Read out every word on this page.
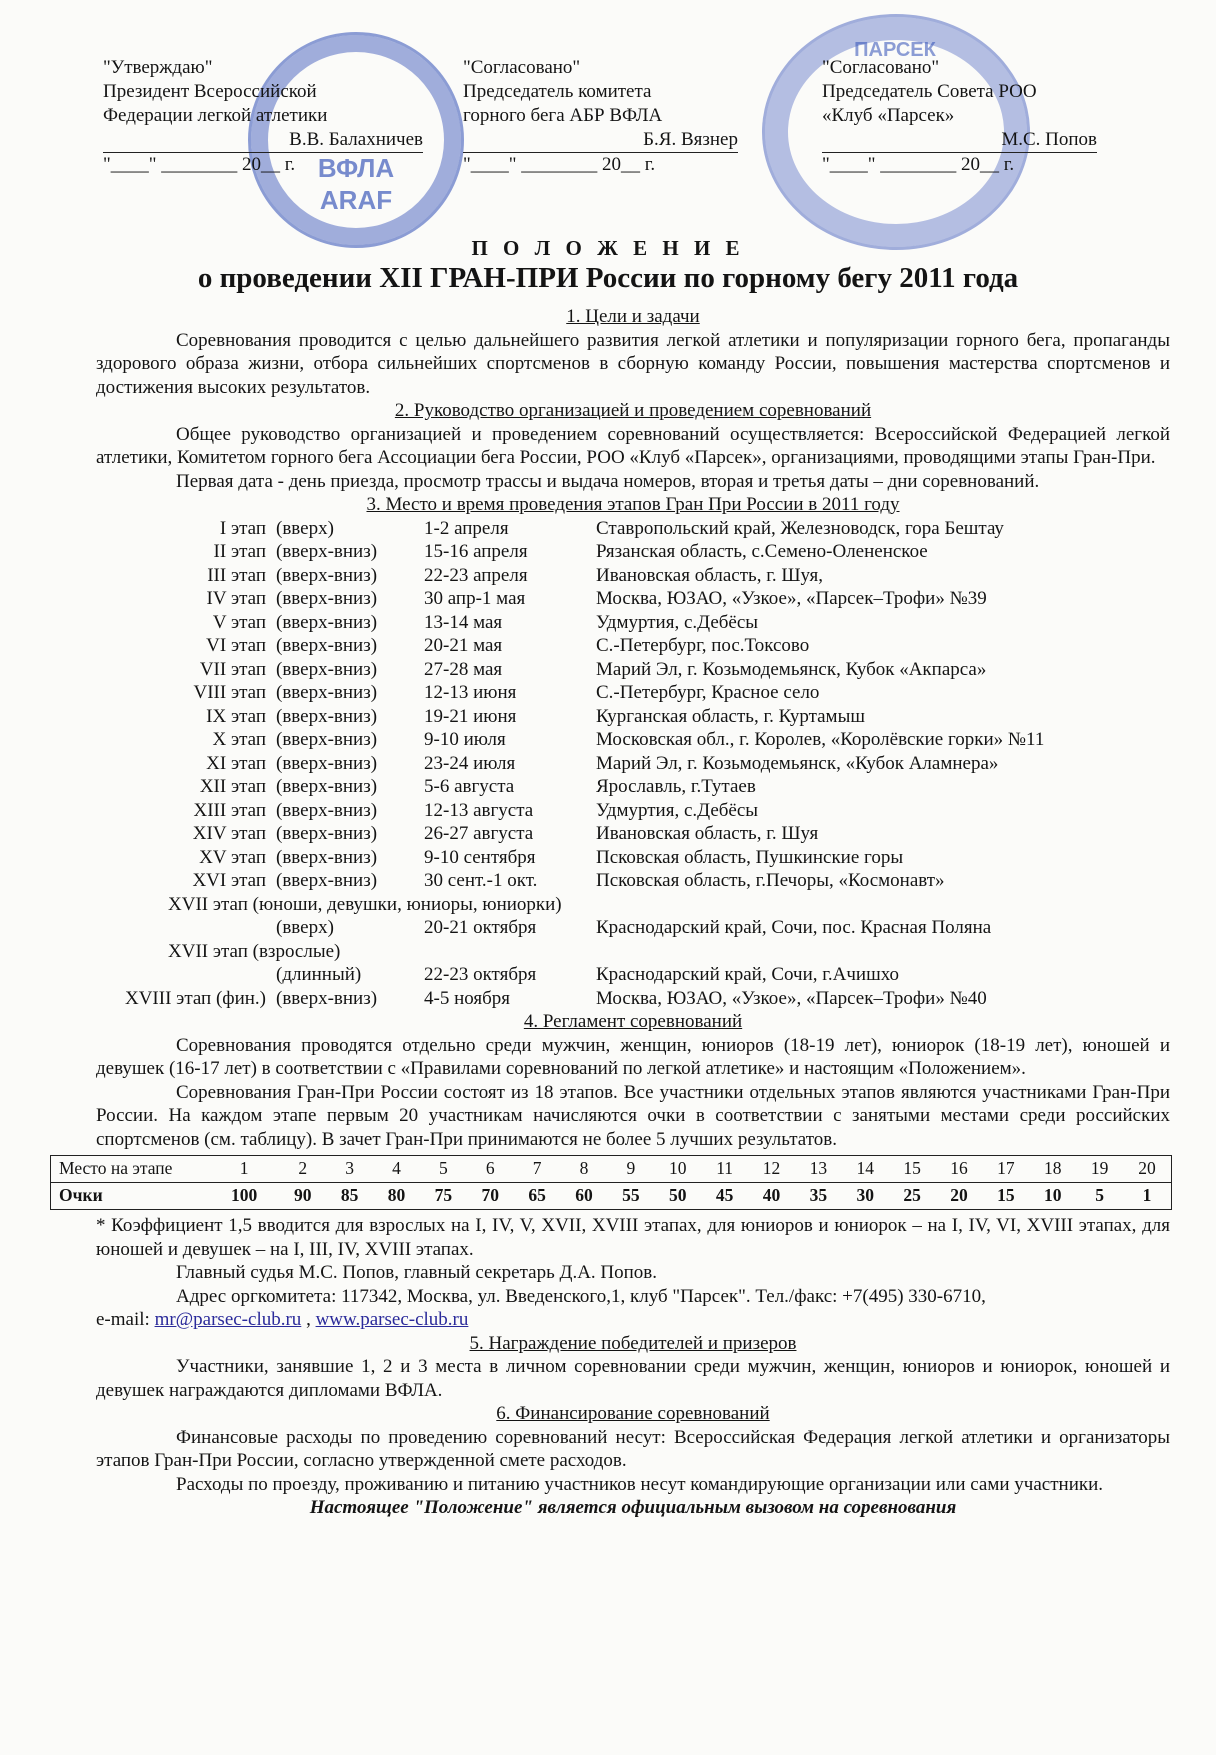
ВФЛА
ARAF
ПАРСЕК
"Утверждаю"
Президент Всероссийской
Федерации легкой атлетики
В.В. Балахничев
"____" ________ 20__ г.
"Согласовано"
Председатель комитета
горного бега АБР ВФЛА
Б.Я. Вязнер
"____" ________ 20__ г.
"Согласовано"
Председатель Совета РОО
«Клуб «Парсек»
М.С. Попов
"____" ________ 20__ г.
П О Л О Ж Е Н И Е
о проведении XII ГРАН-ПРИ России по горному бегу 2011 года
1. Цели и задачи
Соревнования проводится с целью дальнейшего развития легкой атлетики и популяризации горного бега, пропаганды здорового образа жизни, отбора сильнейших спортсменов в сборную команду России, повышения мастерства спортсменов и достижения высоких результатов.
2. Руководство организацией и проведением соревнований
Общее руководство организацией и проведением соревнований осуществляется: Всероссийской Федерацией легкой атлетики, Комитетом горного бега Ассоциации бега России, РОО «Клуб «Парсек», организациями, проводящими этапы Гран-При.
Первая дата - день приезда, просмотр трассы и выдача номеров, вторая и третья даты – дни соревнований.
3. Место и время проведения этапов Гран При России в 2011 году
I этап	(вверх)	1-2 апреля	Ставропольский край, Железноводск, гора Бештау
II этап	(вверх-вниз)	15-16 апреля	Рязанская область, с.Семено-Олененское
III этап	(вверх-вниз)	22-23 апреля	Ивановская область, г. Шуя,
IV этап	(вверх-вниз)	30 апр-1 мая	Москва, ЮЗАО, «Узкое», «Парсек–Трофи» №39
V этап	(вверх-вниз)	13-14 мая	Удмуртия, с.Дебёсы
VI этап	(вверх-вниз)	20-21 мая	С.-Петербург, пос.Токсово
VII этап	(вверх-вниз)	27-28 мая	Марий Эл, г. Козьмодемьянск, Кубок «Акпарса»
VIII этап	(вверх-вниз)	12-13 июня	С.-Петербург, Красное село
IX этап	(вверх-вниз)	19-21 июня	Курганская область, г. Куртамыш
X этап	(вверх-вниз)	9-10 июля	Московская обл., г. Королев, «Королёвские горки» №11
XI этап	(вверх-вниз)	23-24 июля	Марий Эл, г. Козьмодемьянск, «Кубок Аламнера»
XII этап	(вверх-вниз)	5-6 августа	Ярославль, г.Тутаев
XIII этап	(вверх-вниз)	12-13 августа	Удмуртия, с.Дебёсы
XIV этап	(вверх-вниз)	26-27 августа	Ивановская область, г. Шуя
XV этап	(вверх-вниз)	9-10 сентября	Псковская область, Пушкинские горы
XVI этап	(вверх-вниз)	30 сент.-1 окт.	Псковская область, г.Печоры, «Космонавт»
XVII этап (юноши, девушки, юниоры, юниорки)			
	(вверх)	20-21 октября	Краснодарский край, Сочи, пос. Красная Поляна
XVII этап (взрослые)			
	(длинный)	22-23 октября	Краснодарский край, Сочи, г.Ачишхо
XVIII этап (фин.)	(вверх-вниз)	4-5 ноября	Москва, ЮЗАО, «Узкое», «Парсек–Трофи» №40
4. Регламент соревнований
Соревнования проводятся отдельно среди мужчин, женщин, юниоров (18-19 лет), юниорок (18-19 лет), юношей и девушек (16-17 лет) в соответствии с «Правилами соревнований по легкой атлетике» и настоящим «Положением».
Соревнования Гран-При России состоят из 18 этапов. Все участники отдельных этапов являются участниками Гран-При России. На каждом этапе первым 20 участникам начисляются очки в соответствии с занятыми местами среди российских спортсменов (см. таблицу). В зачет Гран-При принимаются не более 5 лучших результатов.
Место на этапе	1	2	3	4	5	6	7	8	9	10	11	12	13	14	15	16	17	18	19	20
Очки	100	90	85	80	75	70	65	60	55	50	45	40	35	30	25	20	15	10	5	1
* Коэффициент 1,5 вводится для взрослых на I, IV, V, XVII, XVIII этапах, для юниоров и юниорок – на I, IV, VI, XVIII этапах, для юношей и девушек – на I, III, IV, XVIII этапах.
Главный судья М.С. Попов, главный секретарь Д.А. Попов.
Адрес оргкомитета: 117342, Москва, ул. Введенского,1, клуб "Парсек". Тел./факс: +7(495) 330-6710,
e-mail: mr@parsec-club.ru , www.parsec-club.ru
5. Награждение победителей и призеров
Участники, занявшие 1, 2 и 3 места в личном соревновании среди мужчин, женщин, юниоров и юниорок, юношей и девушек награждаются дипломами ВФЛА.
6. Финансирование соревнований
Финансовые расходы по проведению соревнований несут: Всероссийская Федерация легкой атлетики и организаторы этапов Гран-При России, согласно утвержденной смете расходов.
Расходы по проезду, проживанию и питанию участников несут командирующие организации или сами участники.
Настоящее "Положение" является официальным вызовом на соревнования
